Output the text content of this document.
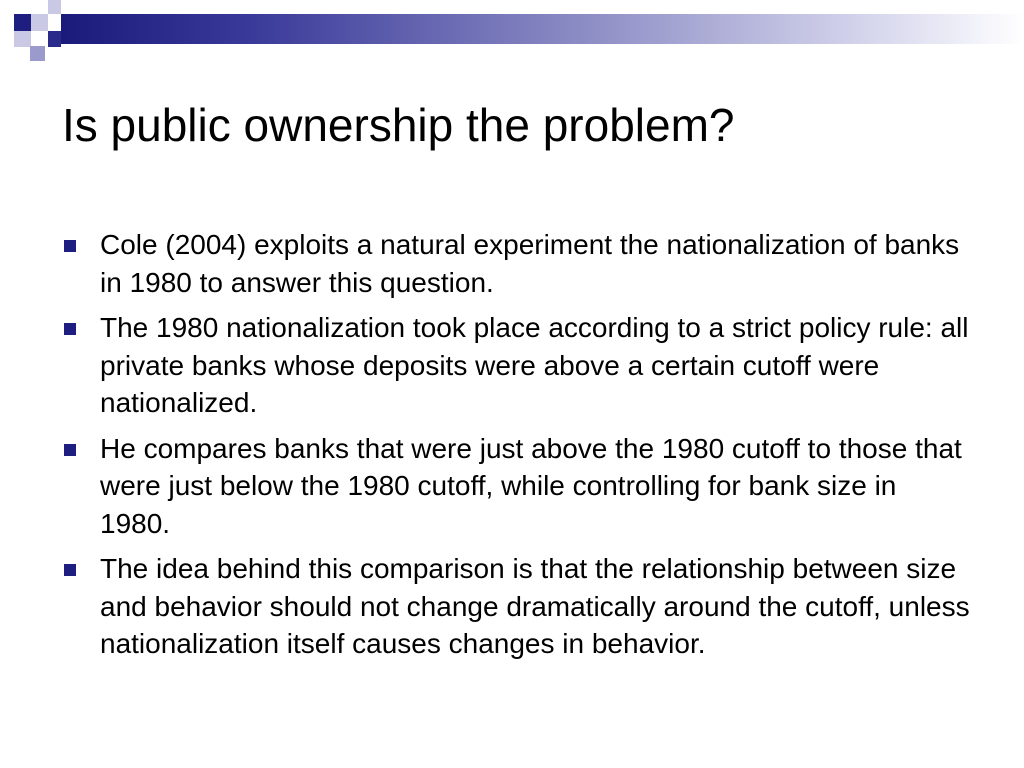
Is public ownership the problem?
Cole (2004) exploits a natural experiment the nationalization of banks in 1980 to answer this question.
The 1980 nationalization took place according to a strict policy rule: all private banks whose deposits were above a certain cutoff were nationalized.
He compares banks that were just above the 1980 cutoff to those that were just below the 1980 cutoff, while controlling for bank size in 1980.
The idea behind this comparison is that the relationship between size and behavior should not change dramatically around the cutoff, unless nationalization itself causes changes in behavior.
